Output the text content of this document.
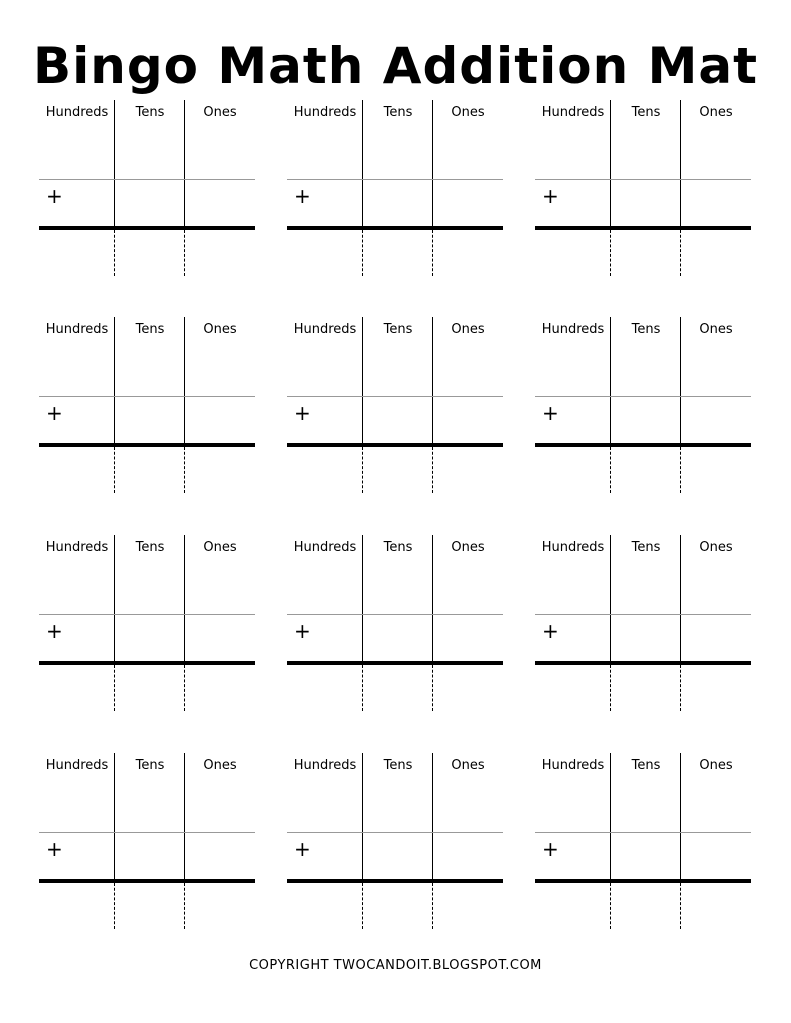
Bingo Math Addition Mat
Hundreds	Tens	Ones
+
Hundreds	Tens	Ones
+
Hundreds	Tens	Ones
+
Hundreds	Tens	Ones
+
Hundreds	Tens	Ones
+
Hundreds	Tens	Ones
+
Hundreds	Tens	Ones
+
Hundreds	Tens	Ones
+
Hundreds	Tens	Ones
+
Hundreds	Tens	Ones
+
Hundreds	Tens	Ones
+
Hundreds	Tens	Ones
+
COPYRIGHT TWOCANDOIT.BLOGSPOT.COM
